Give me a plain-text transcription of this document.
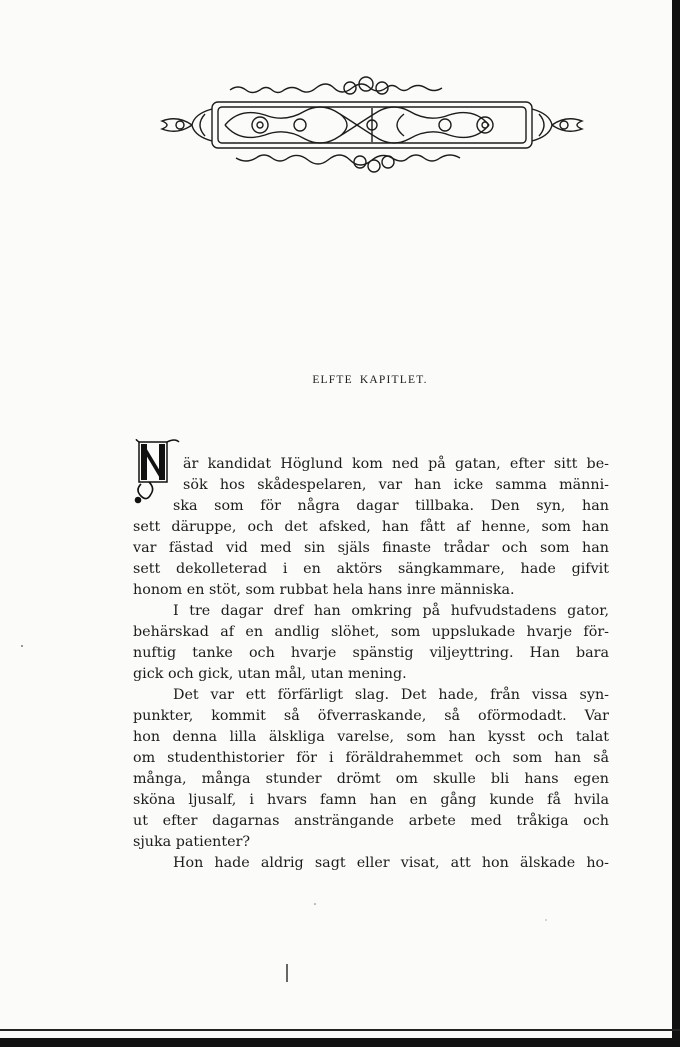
ELFTE KAPITLET.
N
är kandidat Höglund kom ned på gatan, efter sitt be-
sök hos skådespelaren, var han icke samma männi-
ska som för några dagar tillbaka. Den syn, han
sett däruppe, och det afsked, han fått af henne, som han
var fästad vid med sin själs finaste trådar och som han
sett dekolleterad i en aktörs sängkammare, hade gifvit
honom en stöt, som rubbat hela hans inre människa.
I tre dagar dref han omkring på hufvudstadens gator,
behärskad af en andlig slöhet, som uppslukade hvarje för-
nuftig tanke och hvarje spänstig viljeyttring. Han bara
gick och gick, utan mål, utan mening.
Det var ett förfärligt slag. Det hade, från vissa syn-
punkter, kommit så öfverraskande, så oförmodadt. Var
hon denna lilla älskliga varelse, som han kysst och talat
om studenthistorier för i föräldrahemmet och som han så
många, många stunder drömt om skulle bli hans egen
sköna ljusalf, i hvars famn han en gång kunde få hvila
ut efter dagarnas ansträngande arbete med tråkiga och
sjuka patienter?
Hon hade aldrig sagt eller visat, att hon älskade ho-
